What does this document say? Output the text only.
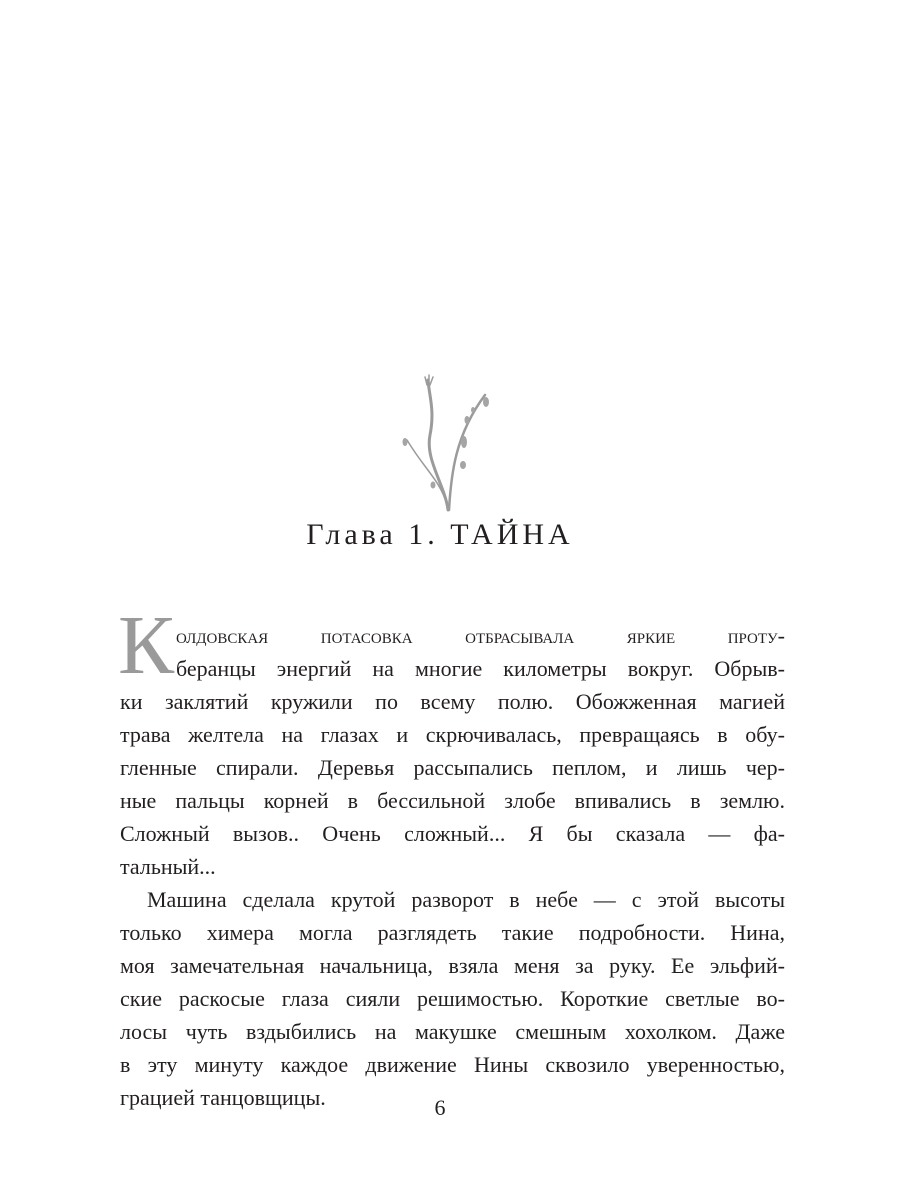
Глава 1. ТАЙНА
К олдовская потасовка отбрасывала яркие проту-
беранцы энергий на многие километры вокруг. Обрыв-
ки заклятий кружили по всему полю. Обожженная магией
трава желтела на глазах и скрючивалась, превращаясь в обу-
гленные спирали. Деревья рассыпались пеплом, и лишь чер-
ные пальцы корней в бессильной злобе впивались в землю.
Сложный вызов.. Очень сложный... Я бы сказала — фа-
тальный...
Машина сделала крутой разворот в небе — с этой высоты
только химера могла разглядеть такие подробности. Нина,
моя замечательная начальница, взяла меня за руку. Ее эльфий-
ские раскосые глаза сияли решимостью. Короткие светлые во-
лосы чуть вздыбились на макушке смешным хохолком. Даже
в эту минуту каждое движение Нины сквозило уверенностью,
грацией танцовщицы.	6
